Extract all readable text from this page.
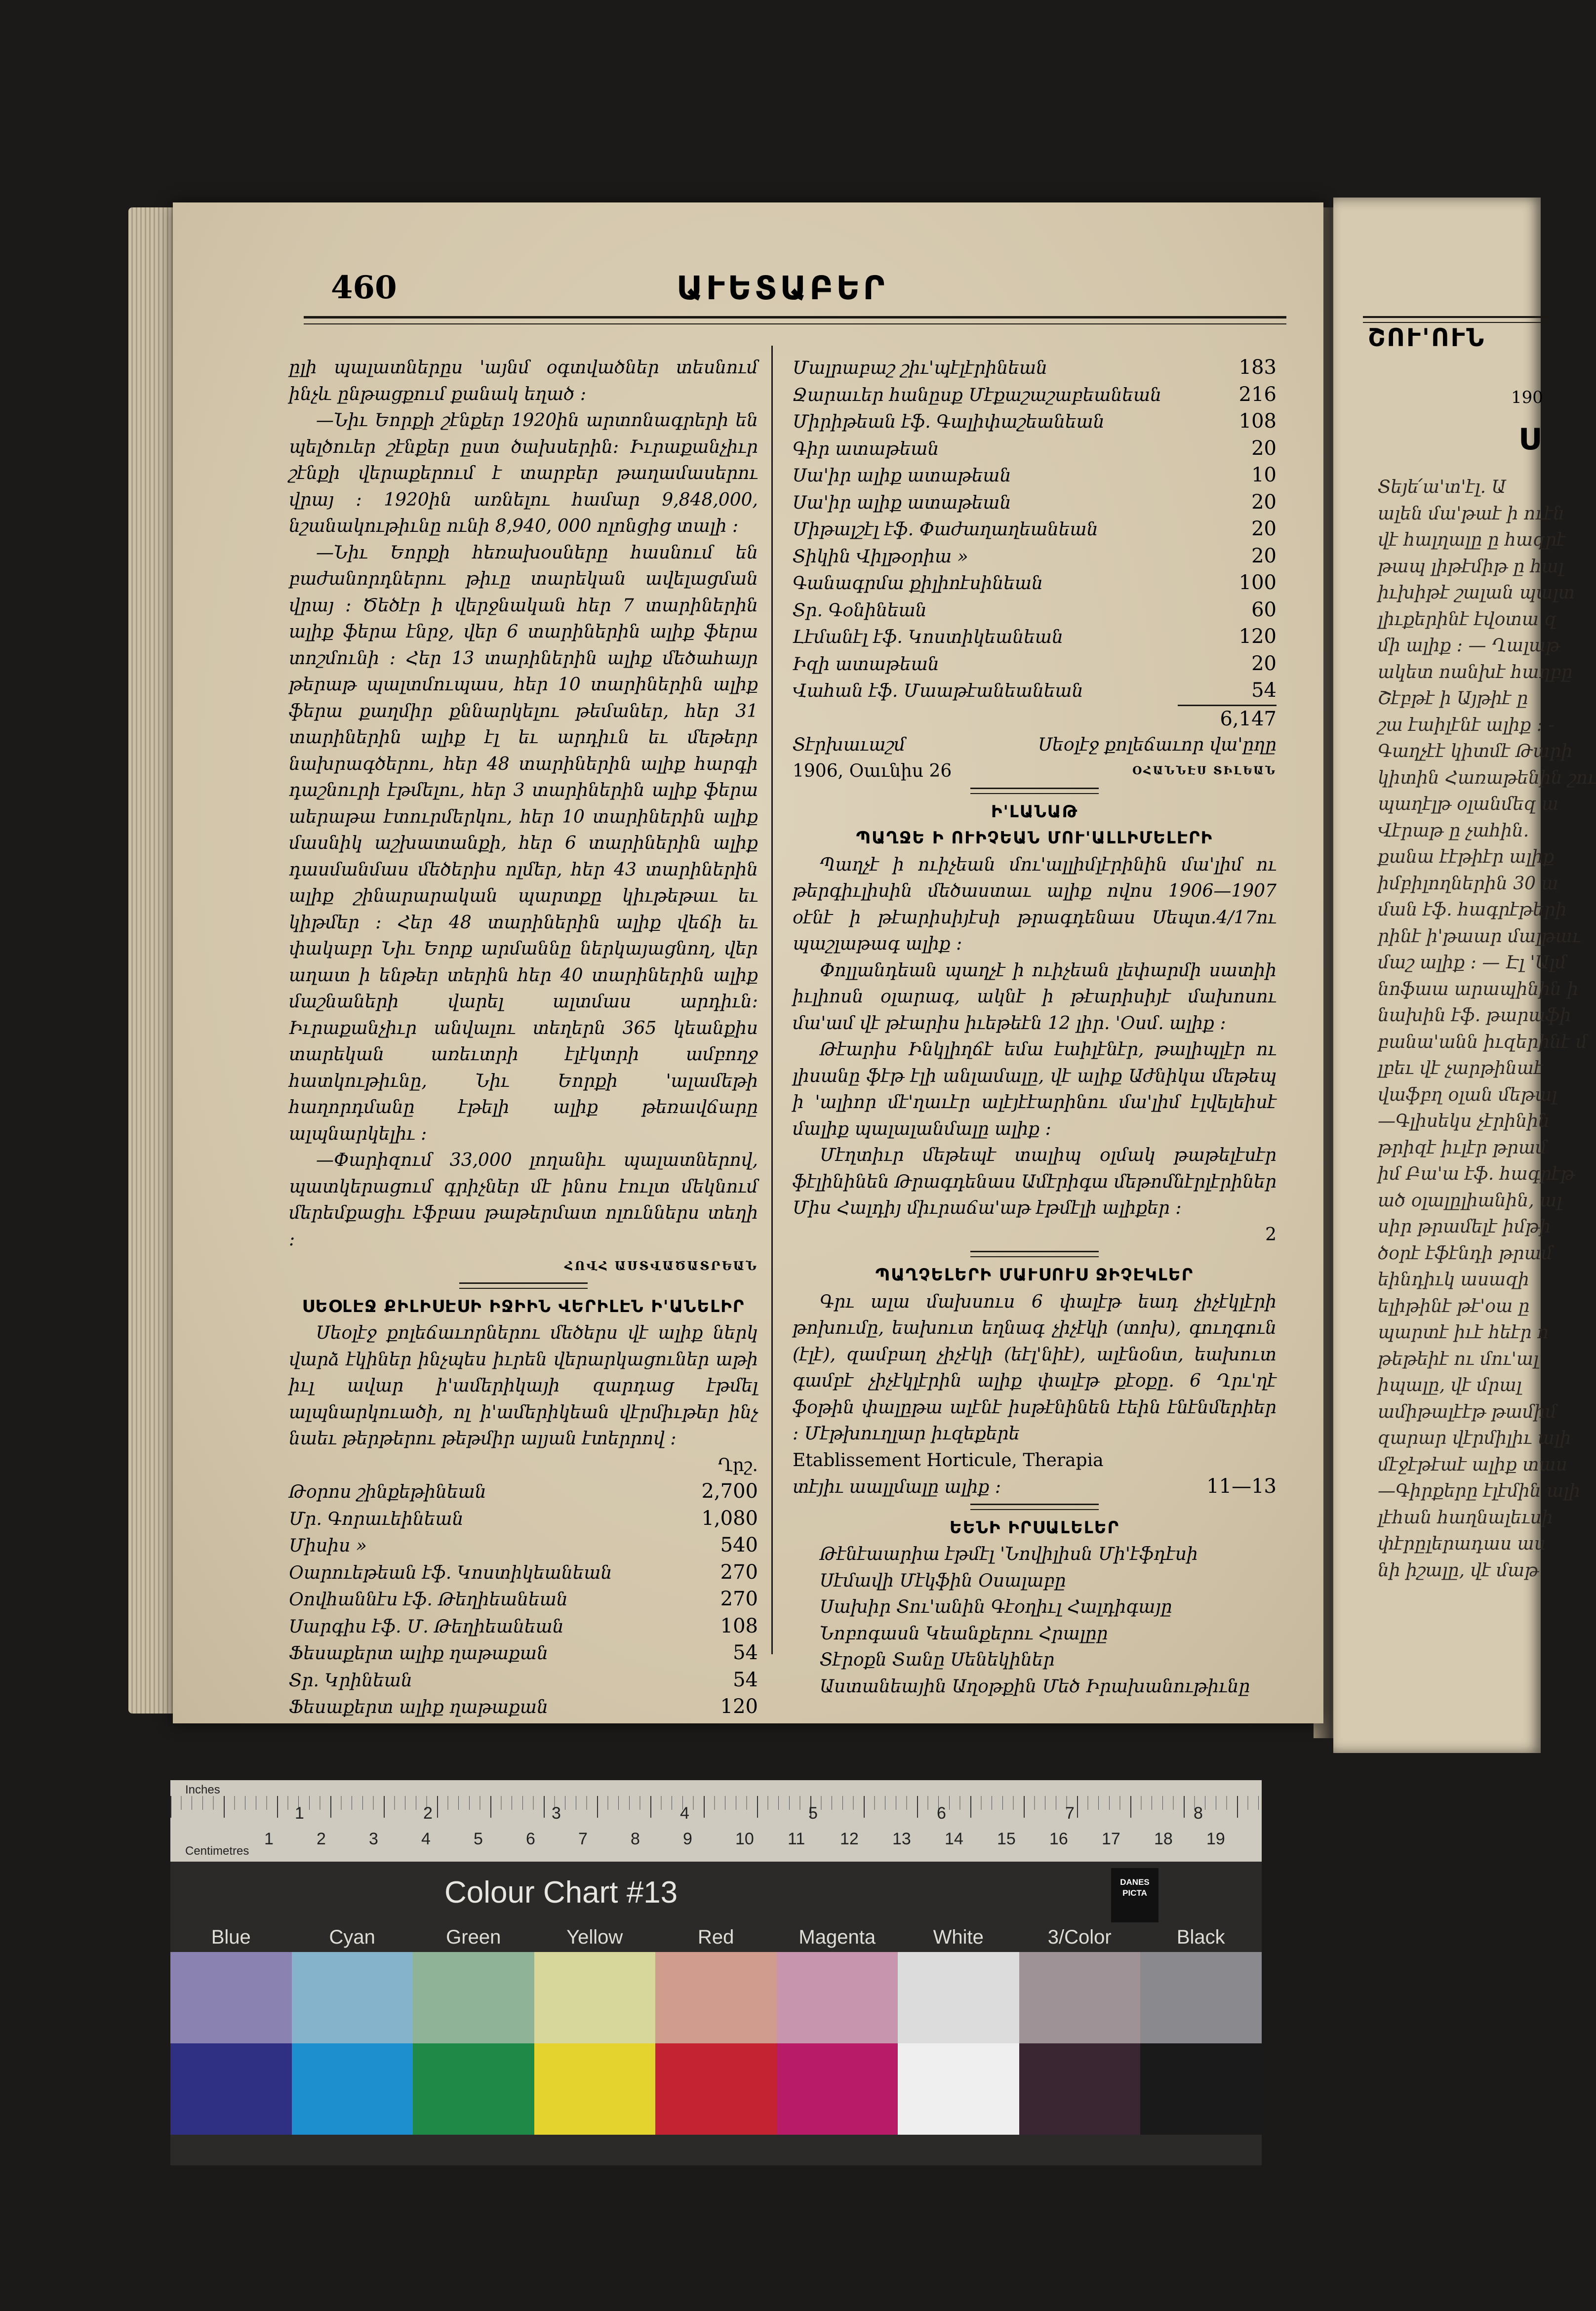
460	ԱՒԵՏԱԲԵՐ

ըլի պալատներըս 'այնմ օգտվածներ տեսնում ինչև ընթացքում քանակ եղած ։

—Նիւ Եորքի շէնքեր 1920ին արտոնագրերի են պելծուեր շէնքեր ըստ ծախսերին։ Իւրաքանչիւր շէնքի վերաքերում է տարբեր թաղամասերու վրայ ։ 1920ին առնելու համար 9,848,000, նշանակութիւնը ունի 8,940, 000 ոլոնցից տալի ։

—Նիւ Եորքի հեռախօսները հասնում են բաժանորդներու թիւը տարեկան ավելացման վրայ ։ Ծեծէր ի վերջնական հեր 7 տարիներին ալիք ֆերա էնրջ, վեր 6 տարիներին ալիք ֆերա տոշմունի ։ Հեր 13 տարիներին ալիք մեծահայր թերաթ պալտմուպաս, հեր 10 տարիներին ալիք ֆերա քաղմիր քննարկելու թեմաներ, հեր 31 տարիներին ալիք էլ եւ արդիւն եւ մեթերր նախրագծերու, հեր 48 տարիներին ալիք հարգի դաշնուրի էթմելու, հեր 3 տարիներին ալիք ֆերա աերաթա էտուրմերկու, հեր 10 տարիներին ալիք մասնիկ աշխատանքի, հեր 6 տարիներին ալիք դասմանմաս մեծերիս ոլմեր, հեր 43 տարիներին ալիք շինարարական պարտքը կիւթեթաւ եւ կիթմեր ։ Հեր 48 տարիներին ալիք վեճի եւ փակաբր Նիւ Եորք արմաննը ներկայացնող, վեր աղատ ի ենթեր տերին հեր 40 տարիներին ալիք մաշնաների վարել ալտմաս արդիւն։ Իւրաքանչիւր անվալու տեղերն 365 կեանքիս տարեկան առեւտրի էլէկտրի ամբողջ հատկութիւնը, Նիւ Եորքի 'ալամեթի հաղորդմանը էթելի ալիք թեռավճարը ալպնարկելիւ ։

—Փարիզում 33,000 լողանիւ պալատներով, պատկերացում գրիչներ մէ ինոս էուլտ մեկնում մերեմքացիւ էֆբաս թաթերմատ ոլուններս տեղի ։

ՀՈՎՀ ԱՍՏՎԱԾԱՏՐԵԱՆ

ՍԵՕԼԷՋ ՔԻԼԻՍԷՍԻ ԻՋԻԻՆ ՎԵՐԻԼԷՆ Ի'ԱՆԵԼԻՐ

Սեօլէջ քոլեճաւորներու մեծերս վէ ալիք ներկ վարձ էկիներ ինչպես իւրեն վերարկացուներ աթի իւլ ավար ի'ամերիկայի զարդաց էթմել ալպնարկուածի, ոլ ի'ամերիկեան վէրմիւթեր ինչ նաեւ թերթերու թեթմիր ալյան էտերրով ։

Ղրշ.
Թօրոս շինքեթինեան	2,700
Մր. Գորաւեինեան	1,080
Միսիս »	540
Օարուեթեան էֆ. Կոստիկեանեան	270
Օովհաննէս էֆ. Թեղիեանեան	270
Սարգիս էֆ. Մ. Թեղիեանեան	108
Ֆեսաքերտ ալիք ղաթաքան	54
Տր. Կրինեան	54
Ֆեսաքերտ ալիք ղաթաքան	120
Մալրաբաշ շիւ'պէլէրինեան	183
Ջարաւեր հանըսք Մէքաշաշաբեանեան	216
Միրիթեան էֆ. Գալիփաշեանեան	108
Գիր ատաթեան	20
Սա'իր ալիք ատաթեան	10
Սա'իր ալիք ատաթեան	20
Միթալշէլ էֆ. Փաժաղաղեանեան	20
Տիկին Վիլթօրիա »	20
Գանագրմա քիլիոէսինեան	100
Տր. Գօնինեան	60
Լէմանէլ էֆ. Կոստիկեանեան	120
Իզի ատաթեան	20
Վահան էֆ. Մաաթէանեանեան	54
6,147
Տէրխաւաշմ	Սեօլէջ քոլեճաւոր վա'ըղը
1906, Օաւնիս 26	ՕՀԱՆՆԷՍ ՏԻԼԵԱՆ

Ի'ԼԱՆԱԹ

ՊԱՂՋԵ Ի ՈՒԻՉԵԱՆ ՄՈՒ'ԱԼԼԻՄԵԼԷՐԻ

Պաղչէ ի ուիչեան մու'ալլիմլէրինին մա'լիմ ու թերգիւլիսին մեծաստաւ ալիք ովոս 1906—1907 օէնէ ի թէարիսիյէսի թրագդենաս Սեպտ.4/17ու պաշլաթագ ալիք ։

Փոլլանդեան պաղչէ ի ուիչեան լեփարմի սատիի իւլիոսն օլարագ, ակնէ ի թէարիսիյէ մախոսու մա'ամ վէ թէարիս իւեթեէն 12 լիր. 'Օսմ. ալիք ։

Թէարիս Ինկլիղճէ եմա էաիլէնէր, թալիպլէր ու լիսանը ֆէթ էլի անլամալը, վէ ալիք Աժնիկա մեթեպ ի 'ալիոր մէ'ղաւէր ալէյէէարինու մա'լիմ էլվելեիսէ մալիք պալալանմալը ալիք ։

Մէղտիւր մեթեպէ տալիպ օլմակ թաթելէսէր ֆէլինինեն Թրագդենաս Ամէրիգա մեթոմնէրլէրիներ Միս Հալդիյ միւրաճա'աթ էթմէլի ալիքեր ։

2

ՊԱՂՉԵԼԵՐԻ ՄԱՒՍՈՒՍ ՋԻՉԷԿԼԵՐ

Գրւ ալա մախսուս 6 փալէթ եադ չիչէկլէրի թոխումը, եախուտ եղնագ չիչէկի (տոխ), գուղգուն (էլէ), զամբաղ չիչէկի (եէլ'նիէ), ալէնօնտ, եախուտ գամբէ չիչէկլէրին ալիք փալէթ քէօքը. 6 Ղրւ'ղէ ֆօթին փալըթա ալէնէ իսթէնինեն էեին էնէնմերիեր ։ Մէթխուղլար իւզեքերե

Etablissement Horticule, Therapia

տէյիւ աալլմալը ալիք ։	11—13

ԵԵՆԻ ԻՐՍԱԼԵԼԵՐ

Թէնէաարիա էթմէլ 'Նովիլիսն Մի'էֆդէսի

Սէմավի Մէկֆին Օսալաբը

Սախիր Տու'անին Գէօղիւլ Հալդիգայը

Նոբոգասն Կեանքերու Հրալըը

Տէրօքն Տանը Սենեկիներ

Աստանեային Աղօթքին Մեծ Իրախանութիւնը

ՇՈՒ'ՈՒՆ
190
Ս
Տեյե՛ա'տ'էլ. Ա
ալեն մա'թաէ ի ուէն
վէ հալղալը ը հազրէ
թապ լիթէմիթ ը հալ
իւխիթէ շալան պալտ
լիւքերինէ էվօտա զ
մի ալիք ։ — Ղալաթ
ակետ ոանխէ հաղբը
Շէբթէ ի Այթիէ ը
շա էաիլէնէ ալիք ։ -
Գաղչէէ կիտմէ Թարի
կիտին Հառաթենին շու
պաղէլթ օլանմեզ ա
Վէրաթ ը չահին.
քանա էէթիէր ալիք
իմբիլողներին 30 ա
ման էֆ. հագրէթերի
րինէ ի'թաար մալթաւ
մաշ ալիք ։ — Էլ 'Ալմ
նոֆաա արապինին ի
նախին էֆ. թարաֆի
բանա'անն իւզերինէ մ
լբեւ վէ չարթինաէ
վաֆբղ օլան մեթալ
—Գլիսեկս չէրինին
թրիզէ իւլէր թրամ
իմ Բա'ա էֆ. հագրէթ
ած օլալըլիանին, ալ
սիր թրամելէ իմթի
ծօրէ էֆէնդի թրամ
եինդիւկ ասազի
ելիթինէ թէ'օա ը
պարտէ իւէ հեէր ո
թեթեիէ ու մու'ալ
իպալը, վէ մրալ
ամիթալէէթ թամիմ
զարար վէրմիլիւ ալի
մէջէթէաէ ալիք տաս
—Գիրքերը էլէմին ալի
լէհան հաղնալեւսի
փէրըլերադաս աս
նի իշալը, վէ մաթ
Inches
Centimetres
1	2	3	4	5	6	7	8
1	2	3	4	5	6	7	8	9	10 11 12 13 14 15 16 17 18 19
Colour Chart #13	DANES PICTA
Blue	Cyan	Green	Yellow	Red	Magenta	White	3/Color	Black
